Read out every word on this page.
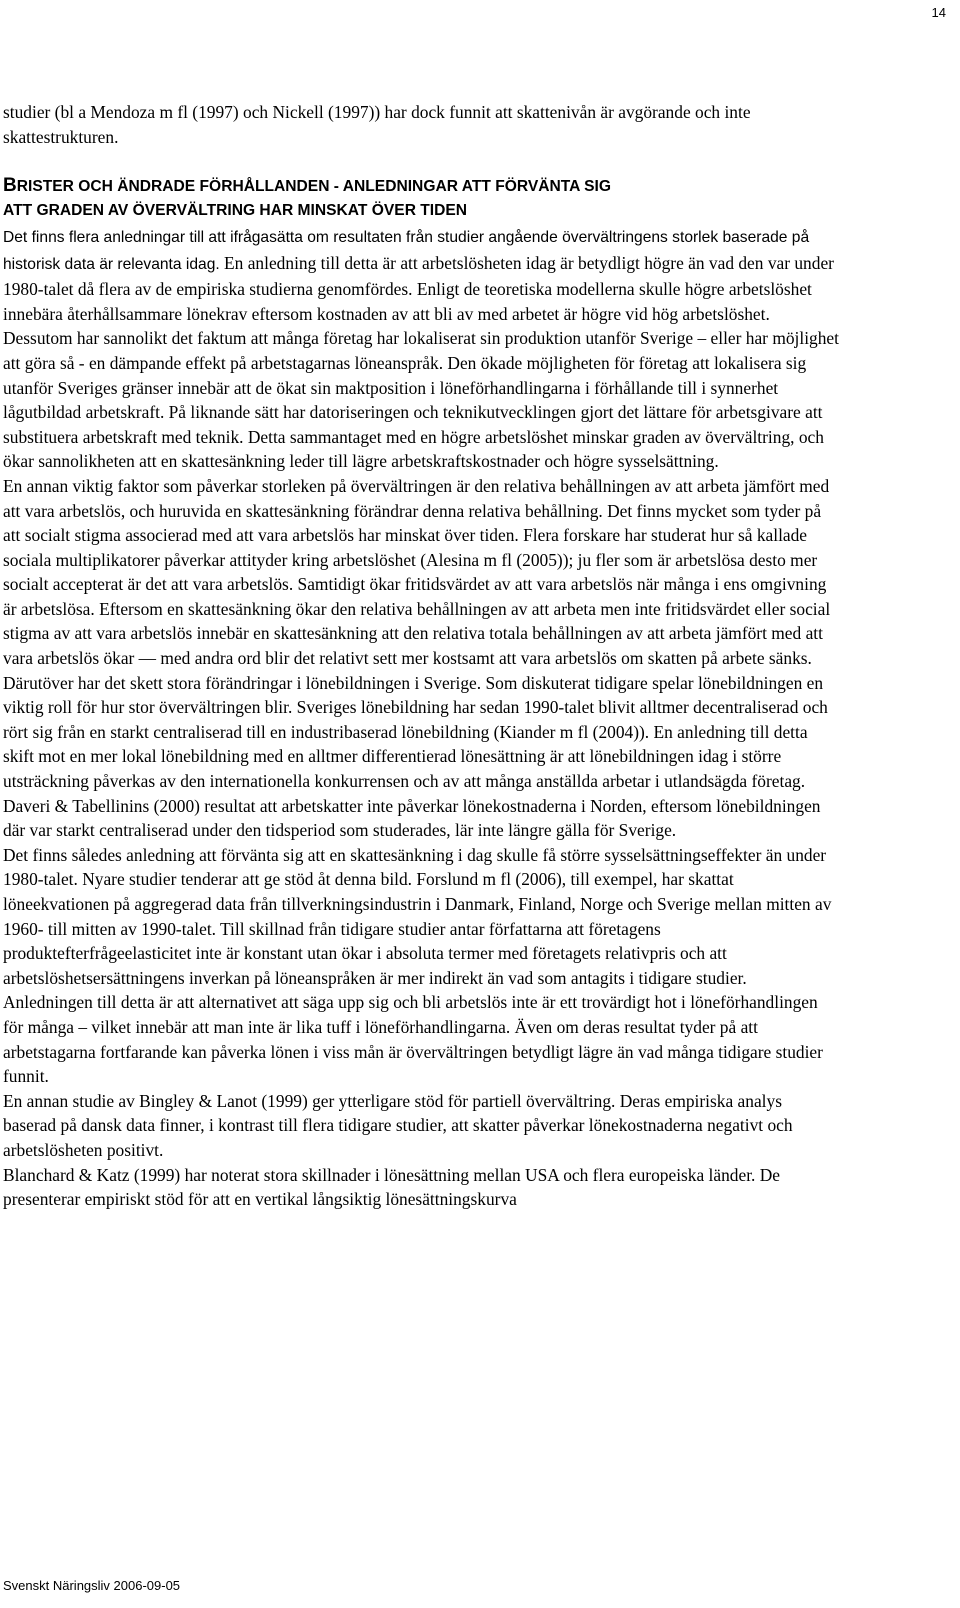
14

studier (bl a Mendoza m fl (1997) och Nickell (1997)) har dock funnit att skattenivån är avgörande och inte skattestrukturen.

BRISTER OCH ÄNDRADE FÖRHÅLLANDEN - ANLEDNINGAR ATT FÖRVÄNTA SIG
ATT GRADEN AV ÖVERVÄLTRING HAR MINSKAT ÖVER TIDEN

Det finns flera anledningar till att ifrågasätta om resultaten från studier angående övervältringens storlek baserade på historisk data är relevanta idag. En anledning till detta är att arbetslösheten idag är betydligt högre än vad den var under 1980-talet då flera av de empiriska studierna genomfördes. Enligt de teoretiska modellerna skulle högre arbetslöshet innebära återhållsammare lönekrav eftersom kostnaden av att bli av med arbetet är högre vid hög arbetslöshet. Dessutom har sannolikt det faktum att många företag har lokaliserat sin produktion utanför Sverige – eller har möjlighet att göra så - en dämpande effekt på arbetstagarnas löneanspråk. Den ökade möjligheten för företag att lokalisera sig utanför Sveriges gränser innebär att de ökat sin maktposition i löneförhandlingarna i förhållande till i synnerhet lågutbildad arbetskraft. På liknande sätt har datoriseringen och teknikutvecklingen gjort det lättare för arbetsgivare att substituera arbetskraft med teknik. Detta sammantaget med en högre arbetslöshet minskar graden av övervältring, och ökar sannolikheten att en skattesänkning leder till lägre arbetskraftskostnader och högre sysselsättning.

En annan viktig faktor som påverkar storleken på övervältringen är den relativa behållningen av att arbeta jämfört med att vara arbetslös, och huruvida en skattesänkning förändrar denna relativa behållning. Det finns mycket som tyder på att socialt stigma associerad med att vara arbetslös har minskat över tiden. Flera forskare har studerat hur så kallade sociala multiplikatorer påverkar attityder kring arbetslöshet (Alesina m fl (2005)); ju fler som är arbetslösa desto mer socialt accepterat är det att vara arbetslös. Samtidigt ökar fritidsvärdet av att vara arbetslös när många i ens omgivning är arbetslösa. Eftersom en skattesänkning ökar den relativa behållningen av att arbeta men inte fritidsvärdet eller social stigma av att vara arbetslös innebär en skattesänkning att den relativa totala behållningen av att arbeta jämfört med att vara arbetslös ökar — med andra ord blir det relativt sett mer kostsamt att vara arbetslös om skatten på arbete sänks.

Därutöver har det skett stora förändringar i lönebildningen i Sverige. Som diskuterat tidigare spelar lönebildningen en viktig roll för hur stor övervältringen blir. Sveriges lönebildning har sedan 1990-talet blivit alltmer decentraliserad och rört sig från en starkt centraliserad till en industribaserad lönebildning (Kiander m fl (2004)). En anledning till detta skift mot en mer lokal lönebildning med en alltmer differentierad lönesättning är att lönebildningen idag i större utsträckning påverkas av den internationella konkurrensen och av att många anställda arbetar i utlandsägda företag. Daveri & Tabellinins (2000) resultat att arbetskatter inte påverkar lönekostnaderna i Norden, eftersom lönebildningen där var starkt centraliserad under den tidsperiod som studerades, lär inte längre gälla för Sverige.

Det finns således anledning att förvänta sig att en skattesänkning i dag skulle få större sysselsättningseffekter än under 1980-talet. Nyare studier tenderar att ge stöd åt denna bild. Forslund m fl (2006), till exempel, har skattat löneekvationen på aggregerad data från tillverkningsindustrin i Danmark, Finland, Norge och Sverige mellan mitten av 1960- till mitten av 1990-talet. Till skillnad från tidigare studier antar författarna att företagens produktefterfrågeelasticitet inte är konstant utan ökar i absoluta termer med företagets relativpris och att arbetslöshetsersättningens inverkan på löneanspråken är mer indirekt än vad som antagits i tidigare studier. Anledningen till detta är att alternativet att säga upp sig och bli arbetslös inte är ett trovärdigt hot i löneförhandlingen för många – vilket innebär att man inte är lika tuff i löneförhandlingarna. Även om deras resultat tyder på att arbetstagarna fortfarande kan påverka lönen i viss mån är övervältringen betydligt lägre än vad många tidigare studier funnit.

En annan studie av Bingley & Lanot (1999) ger ytterligare stöd för partiell övervältring. Deras empiriska analys baserad på dansk data finner, i kontrast till flera tidigare studier, att skatter påverkar lönekostnaderna negativt och arbetslösheten positivt.

Blanchard & Katz (1999) har noterat stora skillnader i lönesättning mellan USA och flera europeiska länder. De presenterar empiriskt stöd för att en vertikal långsiktig lönesättningskurva

Svenskt Näringsliv 2006-09-05
